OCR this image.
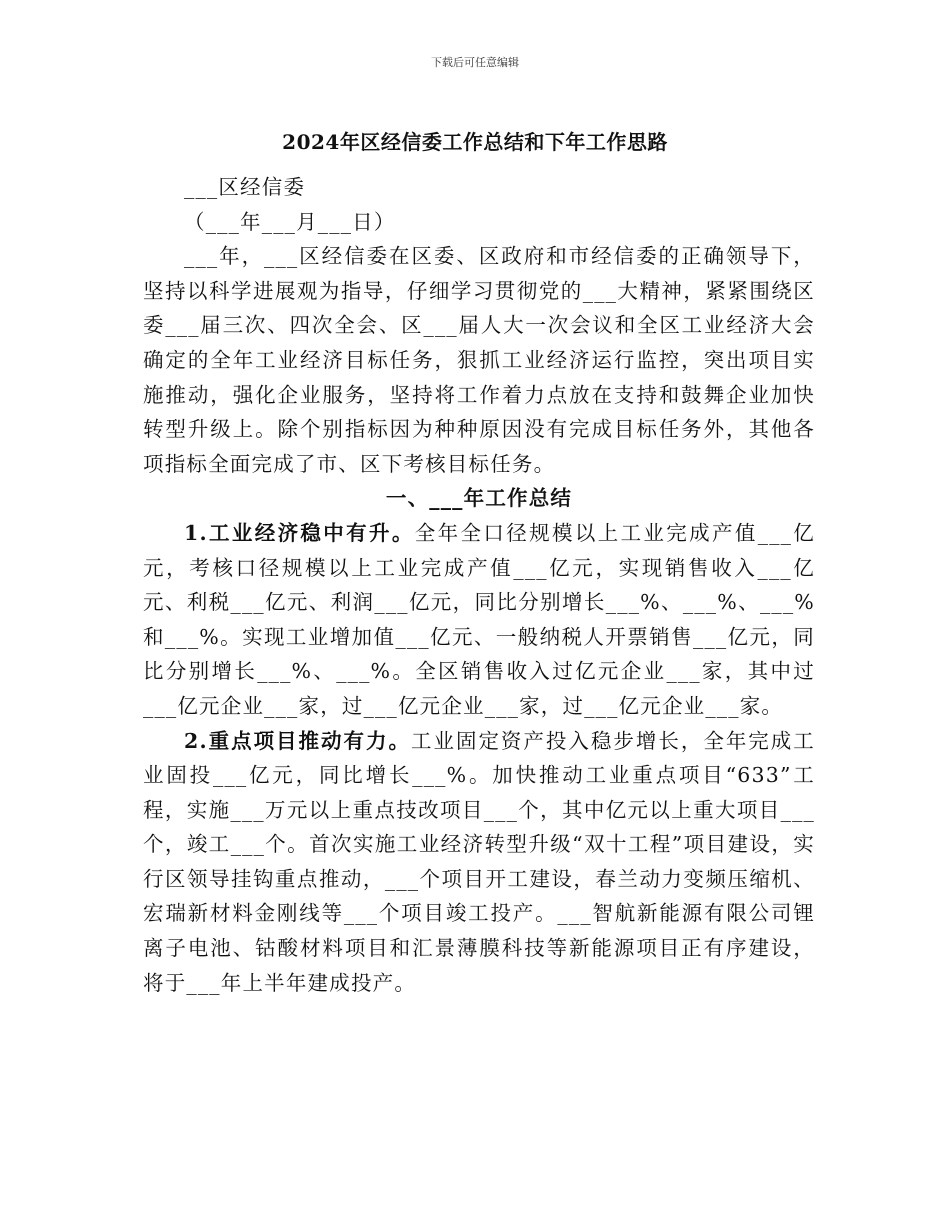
下载后可任意编辑
2024年区经信委工作总结和下年工作思路

___区经信委

（___年___月___日）

___年，___区经信委在区委、区政府和市经信委的正确领导下，坚持以科学进展观为指导，仔细学习贯彻党的___大精神，紧紧围绕区委___届三次、四次全会、区___届人大一次会议和全区工业经济大会确定的全年工业经济目标任务，狠抓工业经济运行监控，突出项目实施推动，强化企业服务，坚持将工作着力点放在支持和鼓舞企业加快转型升级上。除个别指标因为种种原因没有完成目标任务外，其他各项指标全面完成了市、区下考核目标任务。

一、___年工作总结

1.工业经济稳中有升。全年全口径规模以上工业完成产值___亿元，考核口径规模以上工业完成产值___亿元，实现销售收入___亿元、利税___亿元、利润___亿元，同比分别增长___%、___%、___%和___%。实现工业增加值___亿元、一般纳税人开票销售___亿元，同比分别增长___%、___%。全区销售收入过亿元企业___家，其中过___亿元企业___家，过___亿元企业___家，过___亿元企业___家。

2.重点项目推动有力。工业固定资产投入稳步增长，全年完成工业固投___亿元，同比增长___%。加快推动工业重点项目“633”工程，实施___万元以上重点技改项目___个，其中亿元以上重大项目___个，竣工___个。首次实施工业经济转型升级“双十工程”项目建设，实行区领导挂钩重点推动，___个项目开工建设，春兰动力变频压缩机、宏瑞新材料金刚线等___个项目竣工投产。___智航新能源有限公司锂离子电池、钴酸材料项目和汇景薄膜科技等新能源项目正有序建设，将于___年上半年建成投产。
